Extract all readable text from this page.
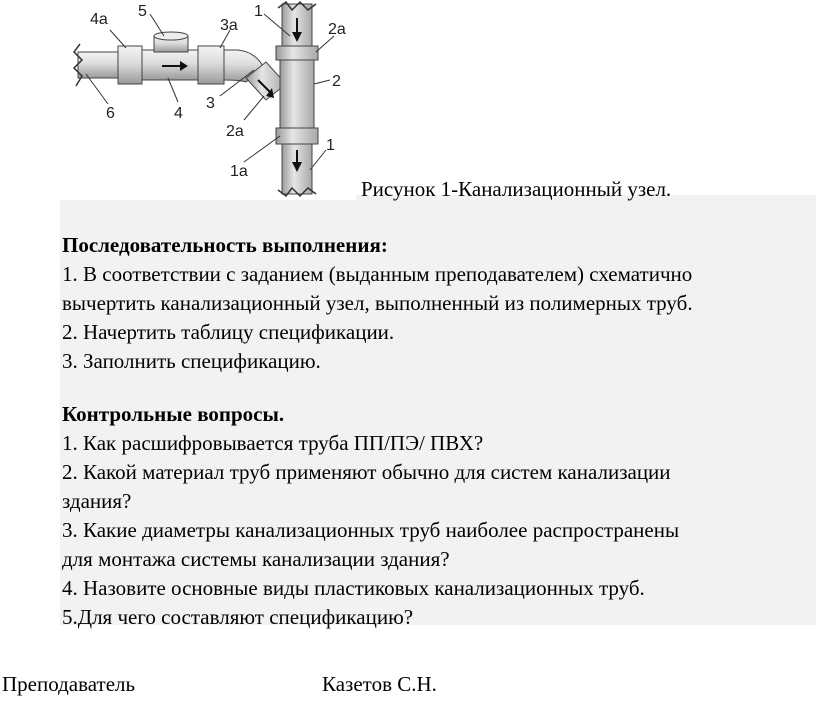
4a 5
3a
1
2a
2
6	4
3
2a
1a
1
Рисунок 1-Канализационный узел.
Последовательность выполнения:
1. В соответствии с заданием (выданным преподавателем) схематично
вычертить канализационный узел, выполненный из полимерных труб.
2. Начертить таблицу спецификации.
3. Заполнить спецификацию.
Контрольные вопросы.
1. Как расшифровывается труба ПП/ПЭ/ ПВХ?
2. Какой материал труб применяют обычно для систем канализации
здания?
3. Какие диаметры канализационных труб наиболее распространены
для монтажа системы канализации здания?
4. Назовите основные виды пластиковых канализационных труб.
5.Для чего составляют спецификацию?
Преподаватель	Казетов С.Н.
